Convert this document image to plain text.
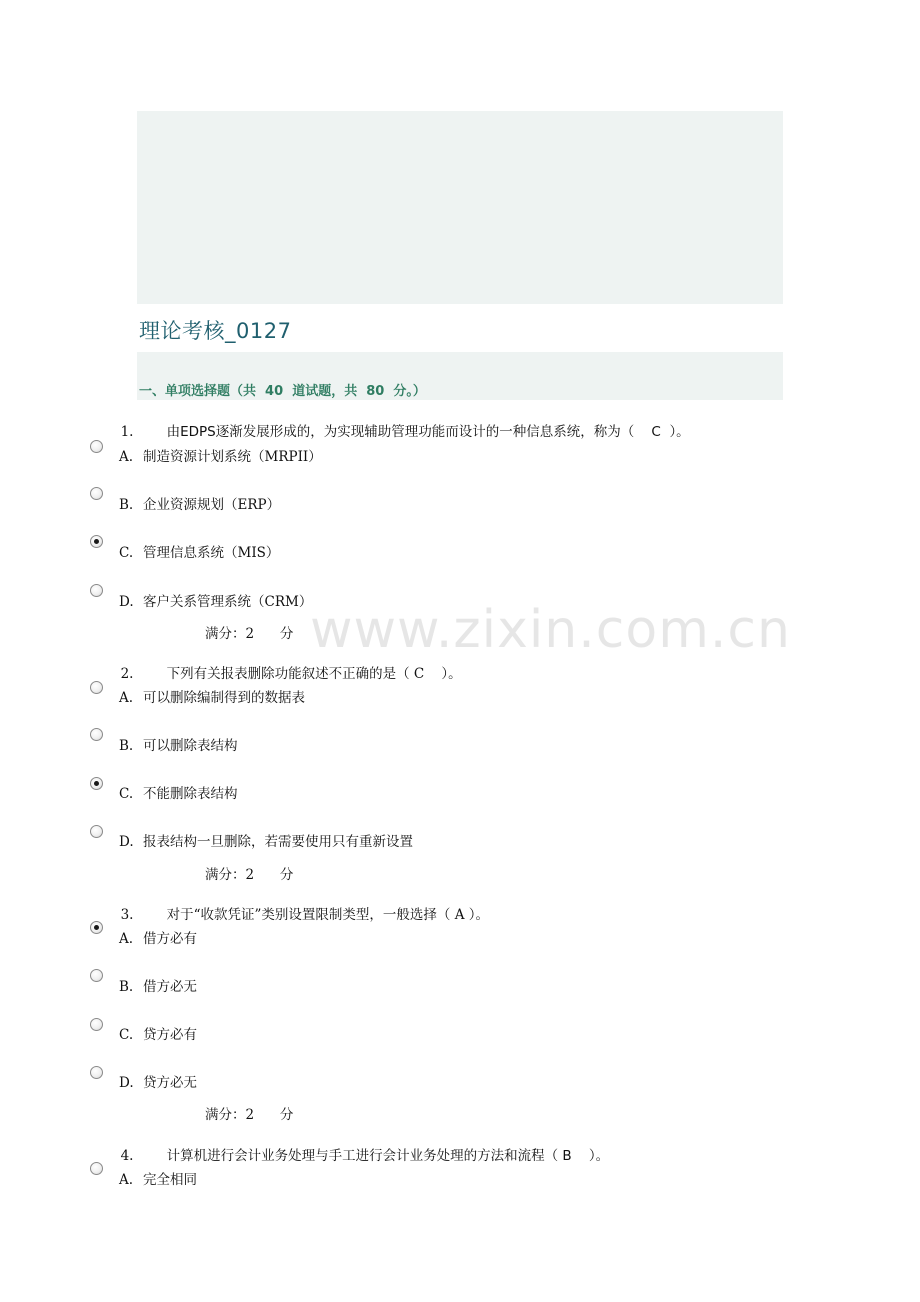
理论考核_0127
一、单项选择题（共  40  道试题，共  80  分。）
www.zixin.com.cn

1. 由EDPS逐渐发展形成的，为实现辅助管理功能而设计的一种信息系统，称为（ C ）。

A. 制造资源计划系统（MRPII）
B. 企业资源规划（ERP）
C. 管理信息系统（MIS）
D. 客户关系管理系统（CRM）
满分：2      分

2. 下列有关报表删除功能叙述不正确的是（ C ）。

A. 可以删除编制得到的数据表
B. 可以删除表结构
C. 不能删除表结构
D. 报表结构一旦删除，若需要使用只有重新设置
满分：2      分

3. 对于“收款凭证”类别设置限制类型，一般选择（ A ）。

A. 借方必有
B. 借方必无
C. 贷方必有
D. 贷方必无
满分：2      分

4. 计算机进行会计业务处理与手工进行会计业务处理的方法和流程（ B ）。

A. 完全相同
